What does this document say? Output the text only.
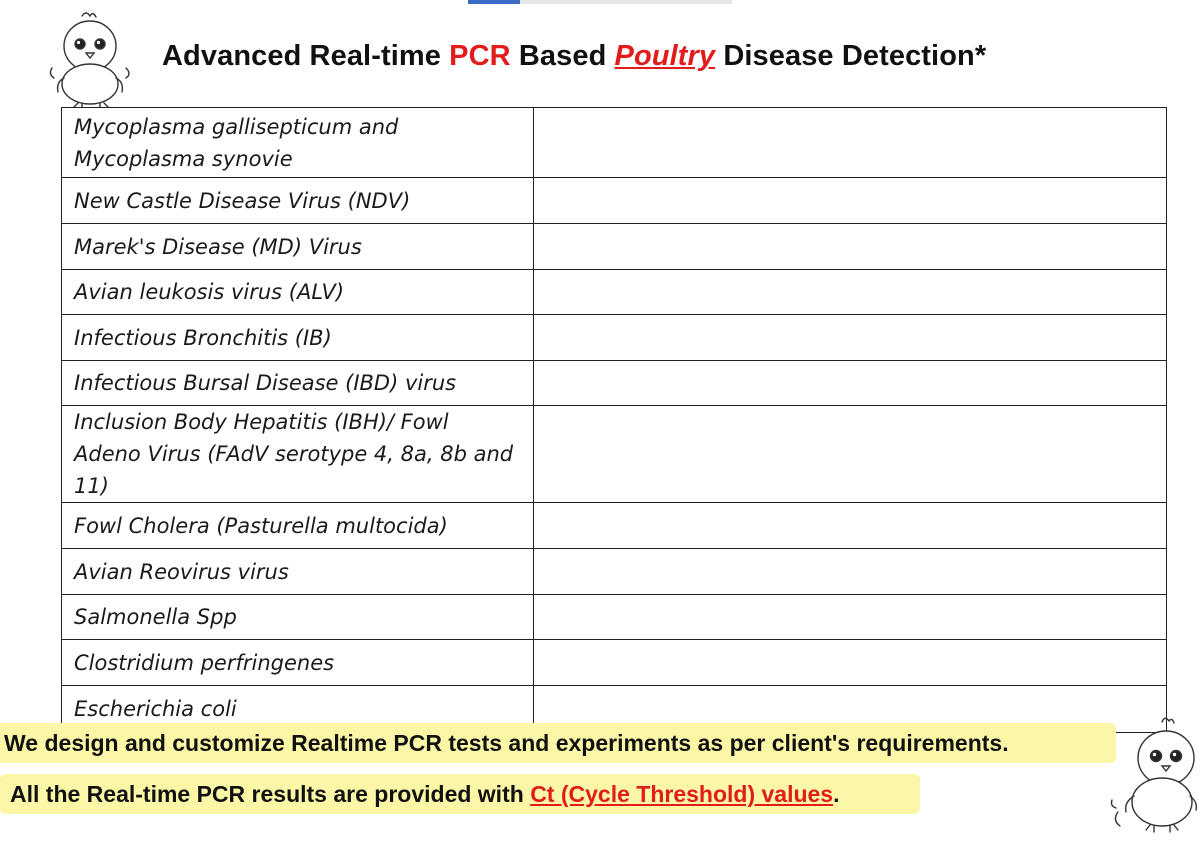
Advanced Real-time PCR Based Poultry Disease Detection*
Mycoplasma gallisepticum and Mycoplasma synovie	
New Castle Disease Virus (NDV)	
Marek's Disease (MD) Virus	
Avian leukosis virus (ALV)	
Infectious Bronchitis (IB)	
Infectious Bursal Disease (IBD) virus	
Inclusion Body Hepatitis (IBH)/ Fowl Adeno Virus (FAdV serotype 4, 8a, 8b and 11)	
Fowl Cholera (Pasturella multocida)	
Avian Reovirus virus	
Salmonella Spp	
Clostridium perfringenes	
Escherichia coli	
We design and customize Realtime PCR tests and experiments as per client's requirements.
All the Real-time PCR results are provided with Ct (Cycle Threshold) values.
